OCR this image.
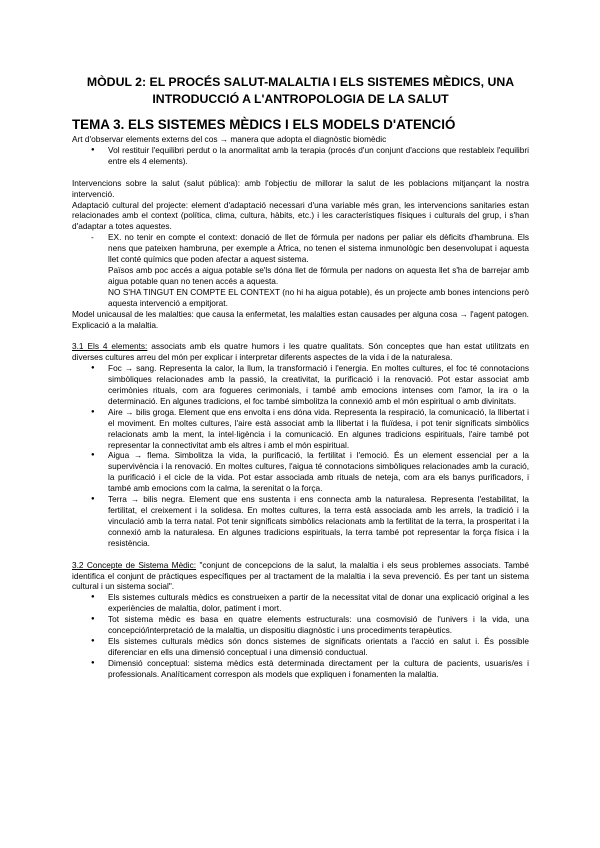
MÒDUL 2: EL PROCÉS SALUT-MALALTIA I ELS SISTEMES MÈDICS, UNA INTRODUCCIÓ A L'ANTROPOLOGIA DE LA SALUT
TEMA 3. ELS SISTEMES MÈDICS I ELS MODELS D'ATENCIÓ

Art d'observar elements externs del cos → manera que adopta el diagnòstic biomèdic

● Vol restituir l'equilibri perdut o la anormalitat amb la terapia (procés d'un conjunt d'accions que restableix l'equilibri entre els 4 elements).

Intervencions sobre la salut (salut pública): amb l'objectiu de millorar la salut de les poblacions mitjançant la nostra intervenció.

Adaptació cultural del projecte: element d'adaptació necessari d'una variable més gran, les intervencions sanitaries estan relacionades amb el context (política, clima, cultura, hàbits, etc.) i les característiques físiques i culturals del grup, i s'han d'adaptar a totes aquestes.

- EX. no tenir en compte el context: donació de llet de fórmula per nadons per paliar els dèficits d'hambruna. Els nens que pateixen hambruna, per exemple a Àfrica, no tenen el sistema inmunològic ben desenvolupat i aquesta llet conté químics que poden afectar a aquest sistema.

Països amb poc accés a aigua potable se'ls dóna llet de fórmula per nadons on aquesta llet s'ha de barrejar amb aigua potable quan no tenen accés a aquesta.

NO S'HA TINGUT EN COMPTE EL CONTEXT (no hi ha aigua potable), és un projecte amb bones intencions però aquesta intervenció a empitjorat.

Model unicausal de les malalties: que causa la enfermetat, les malalties estan causades per alguna cosa → l'agent patogen. Explicació a la malaltia.

3.1 Els 4 elements: associats amb els quatre humors i les quatre qualitats. Són conceptes que han estat utilitzats en diverses cultures arreu del món per explicar i interpretar diferents aspectes de la vida i de la naturalesa.

● Foc → sang. Representa la calor, la llum, la transformació i l'energia. En moltes cultures, el foc té connotacions simbòliques relacionades amb la passió, la creativitat, la purificació i la renovació. Pot estar associat amb cerimònies rituals, com ara fogueres cerimonials, i també amb emocions intenses com l'amor, la ira o la determinació. En algunes tradicions, el foc també simbolitza la connexió amb el món espiritual o amb divinitats.
● Aire → bilis groga. Element que ens envolta i ens dóna vida. Representa la respiració, la comunicació, la llibertat i el moviment. En moltes cultures, l'aire està associat amb la llibertat i la fluïdesa, i pot tenir significats simbòlics relacionats amb la ment, la intel·ligència i la comunicació. En algunes tradicions espirituals, l'aire també pot representar la connectivitat amb els altres i amb el món espiritual.
● Aigua → flema. Simbolitza la vida, la purificació, la fertilitat i l'emoció. És un element essencial per a la supervivència i la renovació. En moltes cultures, l'aigua té connotacions simbòliques relacionades amb la curació, la purificació i el cicle de la vida. Pot estar associada amb rituals de neteja, com ara els banys purificadors, i també amb emocions com la calma, la serenitat o la força.
● Terra → bilis negra. Element que ens sustenta i ens connecta amb la naturalesa. Representa l'estabilitat, la fertilitat, el creixement i la solidesa. En moltes cultures, la terra està associada amb les arrels, la tradició i la vinculació amb la terra natal. Pot tenir significats simbòlics relacionats amb la fertilitat de la terra, la prosperitat i la connexió amb la naturalesa. En algunes tradicions espirituals, la terra també pot representar la força física i la resistència.

3.2 Concepte de Sistema Mèdic: "conjunt de concepcions de la salut, la malaltia i els seus problemes associats. També identifica el conjunt de pràctiques específiques per al tractament de la malaltia i la seva prevenció. És per tant un sistema cultural i un sistema social".

● Els sistemes culturals mèdics es construeixen a partir de la necessitat vital de donar una explicació original a les experiències de malaltia, dolor, patiment i mort.
● Tot sistema mèdic es basa en quatre elements estructurals: una cosmovisió de l'univers i la vida, una concepció/interpretació de la malaltia, un dispositiu diagnòstic i uns procediments terapèutics.
● Els sistemes culturals mèdics són doncs sistemes de significats orientats a l'acció en salut i. És possible diferenciar en ells una dimensió conceptual i una dimensió conductual.
● Dimensió conceptual: sistema mèdics està determinada directament per la cultura de pacients, usuaris/es i professionals. Analíticament correspon als models que expliquen i fonamenten la malaltia.
